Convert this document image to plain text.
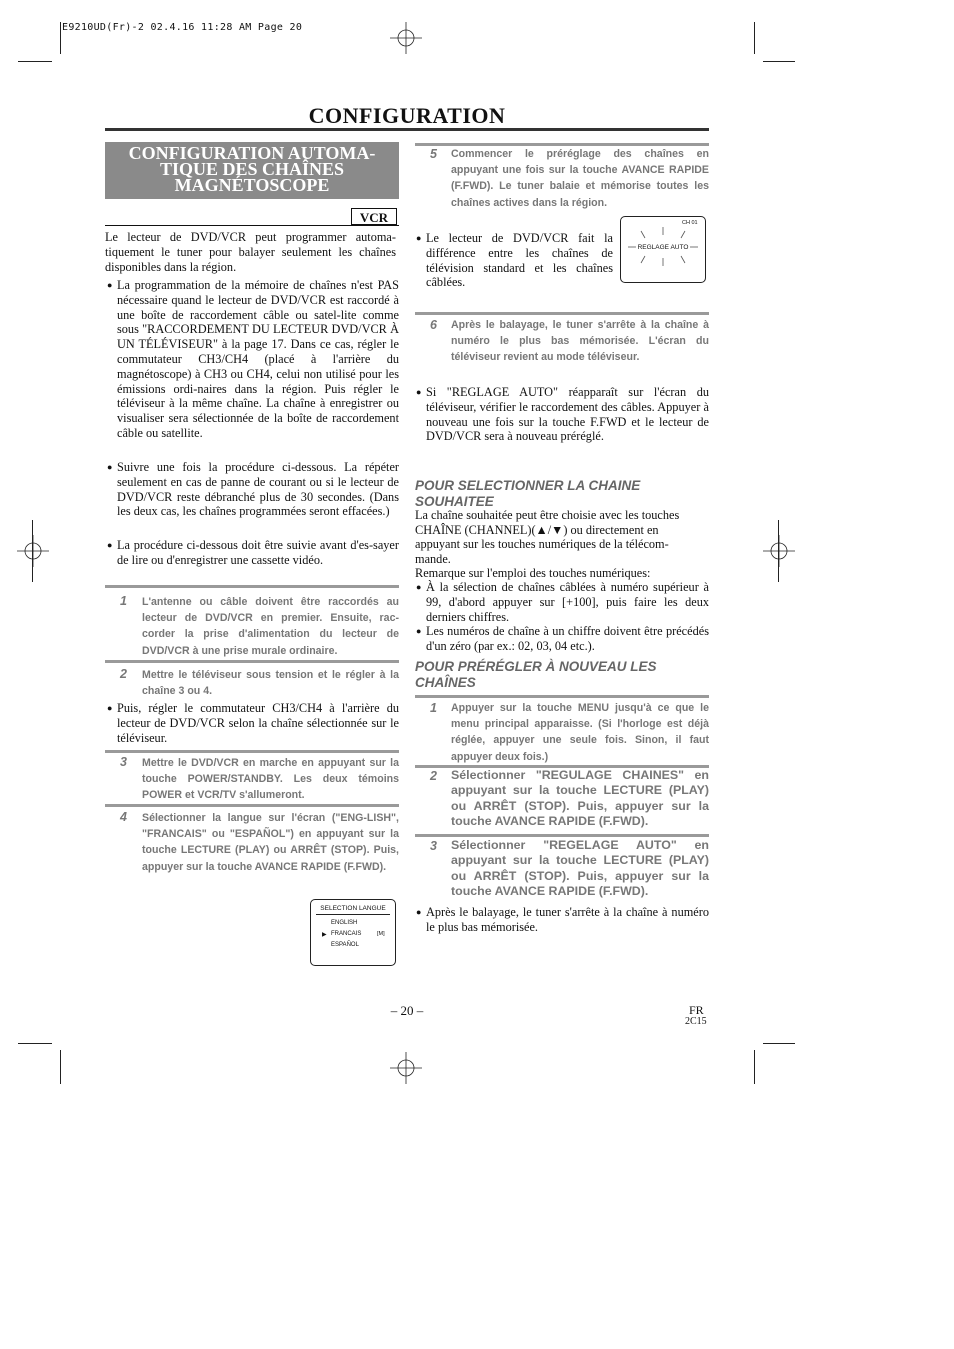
E9210UD(Fr)-2 02.4.16 11:28 AM Page 20
CONFIGURATION
CONFIGURATION AUTOMA-
TIQUE DES CHAÎNES
MAGNÉTOSCOPE
VCR
Le lecteur de DVD/VCR peut programmer automa-tiquement le tuner pour balayer seulement les chaînes disponibles dans la région.
● La programmation de la mémoire de chaînes n'est PAS nécessaire quand le lecteur de DVD/VCR est raccordé à une boîte de raccordement câble ou satel-lite comme sous "RACCORDEMENT DU LECTEUR DVD/VCR À UN TÉLÉVISEUR" à la page 17. Dans ce cas, régler le commutateur CH3/CH4 (placé à l'arrière du magnétoscope) à CH3 ou CH4, celui non utilisé pour les émissions ordi-naires dans la région. Puis régler le téléviseur à la même chaîne. La chaîne à enregistrer ou visualiser sera sélectionnée de la boîte de raccordement câble ou satellite.
● Suivre une fois la procédure ci-dessous. La répéter seulement en cas de panne de courant ou si le lecteur de DVD/VCR reste débranché plus de 30 secondes. (Dans les deux cas, les chaînes programmées seront effacées.)
● La procédure ci-dessous doit être suivie avant d'es-sayer de lire ou d'enregistrer une cassette vidéo.
1 L'antenne ou câble doivent être raccordés au lecteur de DVD/VCR en premier. Ensuite, rac-corder la prise d'alimentation du lecteur de DVD/VCR à une prise murale ordinaire.
2 Mettre le téléviseur sous tension et le régler à la chaîne 3 ou 4.
● Puis, régler le commutateur CH3/CH4 à l'arrière du lecteur de DVD/VCR selon la chaîne sélectionnée sur le téléviseur.
3 Mettre le DVD/VCR en marche en appuyant sur la touche POWER/STANDBY. Les deux témoins POWER et VCR/TV s'allumeront.
4 Sélectionner la langue sur l'écran ("ENG-LISH", "FRANCAIS" ou "ESPAÑOL") en appuyant sur la touche LECTURE (PLAY) ou ARRÊT (STOP). Puis, appuyer sur la touche AVANCE RAPIDE (F.FWD).
SELECTION LANGUE
ENGLISH
▶ FRANCAIS	[M]
ESPAÑOL
5 Commencer le préréglage des chaînes en appuyant une fois sur la touche AVANCE RAPIDE (F.FWD). Le tuner balaie et mémorise toutes les chaînes actives dans la région.
● Le lecteur de DVD/VCR fait la différence entre les chaînes de télévision standard et les chaînes câblées.
CH 01
REGLAGE AUTO
6 Après le balayage, le tuner s'arrête à la chaîne à numéro le plus bas mémorisée. L'écran du téléviseur revient au mode téléviseur.
● Si "REGLAGE AUTO" réapparaît sur l'écran du téléviseur, vérifier le raccordement des câbles. Appuyer à nouveau une fois sur la touche F.FWD et le lecteur de DVD/VCR sera à nouveau préréglé.
POUR SELECTIONNER LA CHAINE
SOUHAITEE
La chaîne souhaitée peut être choisie avec les touches
CHAÎNE (CHANNEL)(▲/▼) ou directement en
appuyant sur les touches numériques de la télécom-
mande.
Remarque sur l'emploi des touches numériques:
● À la sélection de chaînes câblées à numéro supérieur à 99, d'abord appuyer sur [+100], puis faire les deux derniers chiffres.
● Les numéros de chaîne à un chiffre doivent être précédés d'un zéro (par ex.: 02, 03, 04 etc.).
POUR PRÉRÉGLER À NOUVEAU LES
CHAÎNES
1 Appuyer sur la touche MENU jusqu'à ce que le menu principal apparaisse. (Si l'horloge est déjà réglée, appuyer une seule fois. Sinon, il faut appuyer deux fois.)
2 Sélectionner "REGULAGE CHAINES" en appuyant sur la touche LECTURE (PLAY) ou ARRÊT (STOP). Puis, appuyer sur la touche AVANCE RAPIDE (F.FWD).
3 Sélectionner "REGELAGE AUTO" en appuyant sur la touche LECTURE (PLAY) ou ARRÊT (STOP). Puis, appuyer sur la touche AVANCE RAPIDE (F.FWD).
● Après le balayage, le tuner s'arrête à la chaîne à numéro le plus bas mémorisée.
– 20 –	FR
2C15
